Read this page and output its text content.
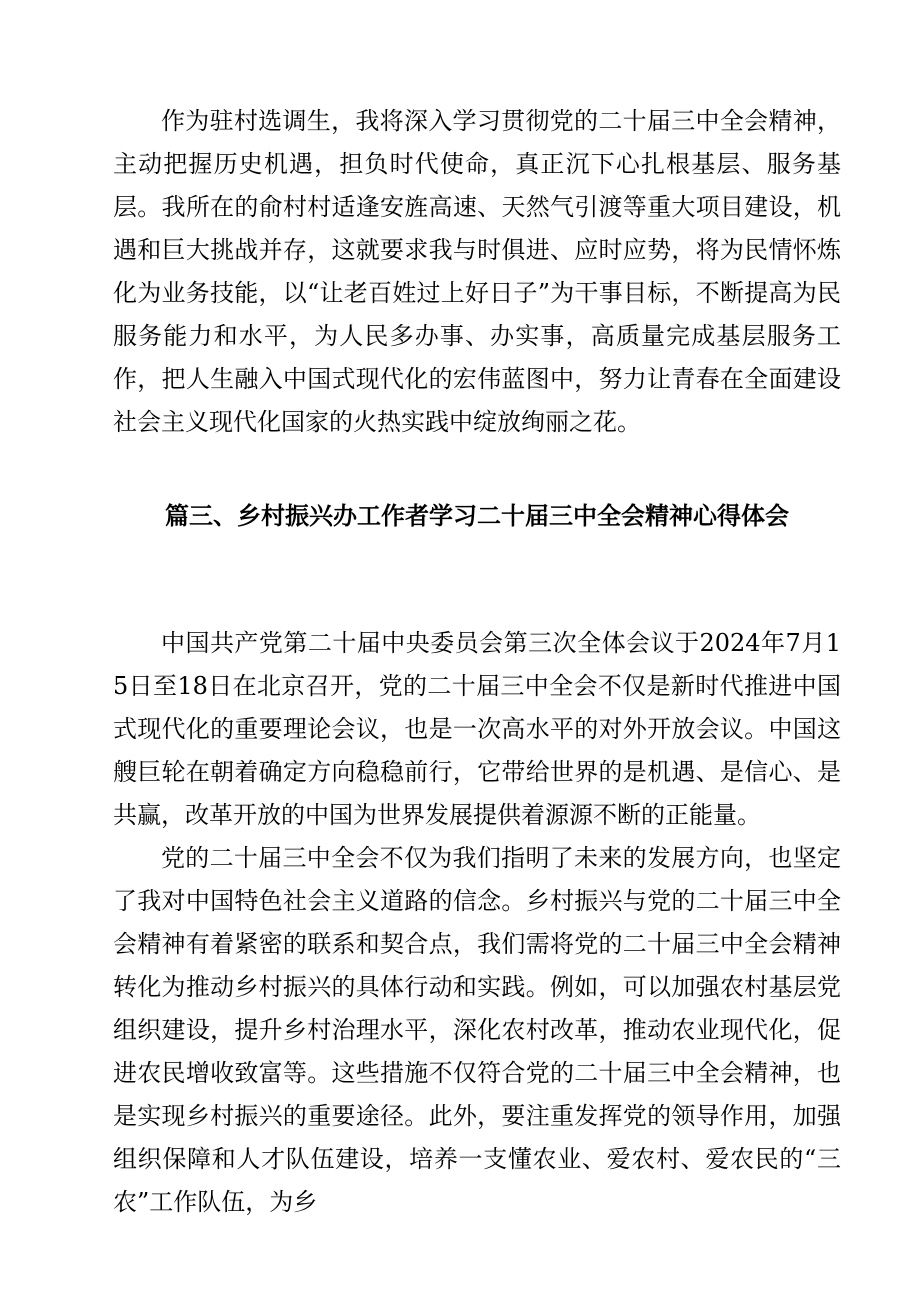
作为驻村选调生，我将深入学习贯彻党的二十届三中全会精神，主动把握历史机遇，担负时代使命，真正沉下心扎根基层、服务基层。我所在的俞村村适逢安旌高速、天然气引渡等重大项目建设，机遇和巨大挑战并存，这就要求我与时俱进、应时应势，将为民情怀炼化为业务技能，以“让老百姓过上好日子”为干事目标，不断提高为民服务能力和水平，为人民多办事、办实事，高质量完成基层服务工作，把人生融入中国式现代化的宏伟蓝图中，努力让青春在全面建设社会主义现代化国家的火热实践中绽放绚丽之花。

篇三、乡村振兴办工作者学习二十届三中全会精神心得体会

中国共产党第二十届中央委员会第三次全体会议于2024年7月15日至18日在北京召开，党的二十届三中全会不仅是新时代推进中国式现代化的重要理论会议，也是一次高水平的对外开放会议。中国这艘巨轮在朝着确定方向稳稳前行，它带给世界的是机遇、是信心、是共赢，改革开放的中国为世界发展提供着源源不断的正能量。

党的二十届三中全会不仅为我们指明了未来的发展方向，也坚定了我对中国特色社会主义道路的信念。乡村振兴与党的二十届三中全会精神有着紧密的联系和契合点，我们需将党的二十届三中全会精神转化为推动乡村振兴的具体行动和实践。例如，可以加强农村基层党组织建设，提升乡村治理水平，深化农村改革，推动农业现代化，促进农民增收致富等。这些措施不仅符合党的二十届三中全会精神，也是实现乡村振兴的重要途径。此外，要注重发挥党的领导作用，加强组织保障和人才队伍建设，培养一支懂农业、爱农村、爱农民的“三农”工作队伍，为乡
